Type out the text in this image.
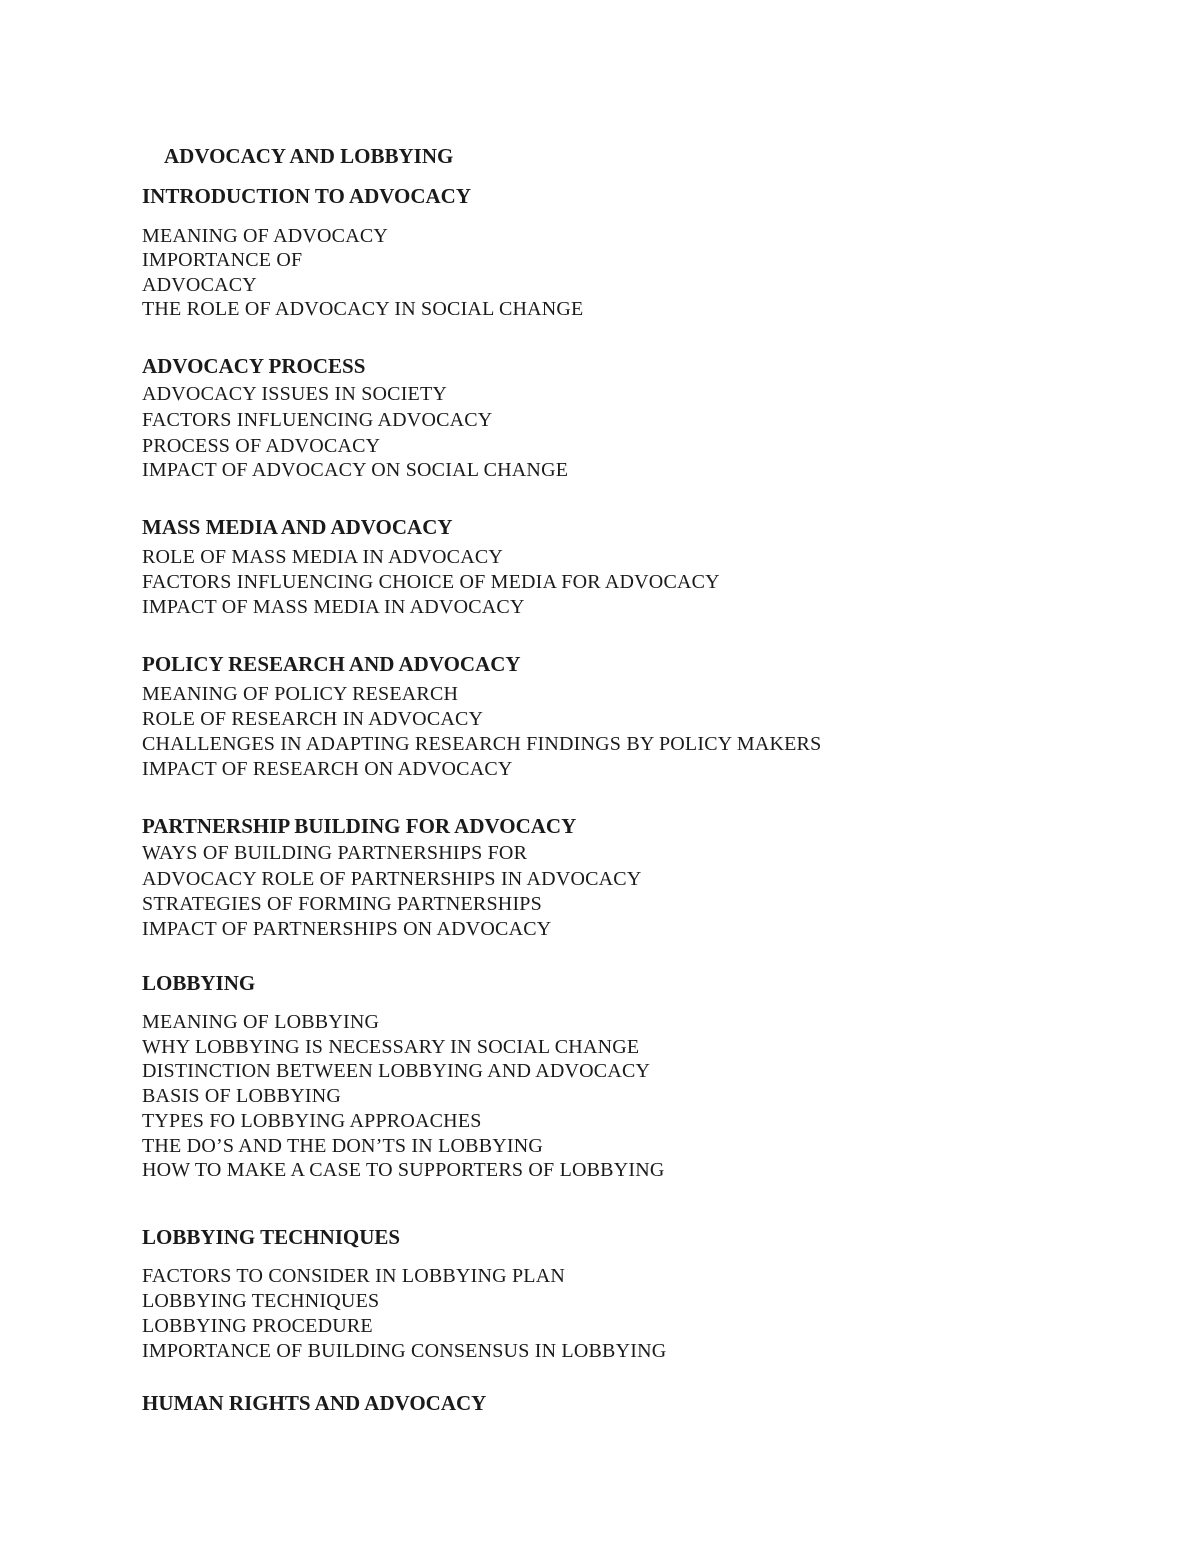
ADVOCACY AND LOBBYING
INTRODUCTION TO ADVOCACY
MEANING OF ADVOCACY
IMPORTANCE OF
ADVOCACY
THE ROLE OF ADVOCACY IN SOCIAL CHANGE
ADVOCACY PROCESS
ADVOCACY ISSUES IN SOCIETY
FACTORS INFLUENCING ADVOCACY
PROCESS OF ADVOCACY
IMPACT OF ADVOCACY ON SOCIAL CHANGE
MASS MEDIA AND ADVOCACY
ROLE OF MASS MEDIA IN ADVOCACY
FACTORS INFLUENCING CHOICE OF MEDIA FOR ADVOCACY
IMPACT OF MASS MEDIA IN ADVOCACY
POLICY RESEARCH AND ADVOCACY
MEANING OF POLICY RESEARCH
ROLE OF RESEARCH IN ADVOCACY
CHALLENGES IN ADAPTING RESEARCH FINDINGS BY POLICY MAKERS
IMPACT OF RESEARCH ON ADVOCACY
PARTNERSHIP BUILDING FOR ADVOCACY
WAYS OF BUILDING PARTNERSHIPS FOR
ADVOCACY ROLE OF PARTNERSHIPS IN ADVOCACY
STRATEGIES OF FORMING PARTNERSHIPS
IMPACT OF PARTNERSHIPS ON ADVOCACY
LOBBYING
MEANING OF LOBBYING
WHY LOBBYING IS NECESSARY IN SOCIAL CHANGE
DISTINCTION BETWEEN LOBBYING AND ADVOCACY
BASIS OF LOBBYING
TYPES FO LOBBYING APPROACHES
THE DO’S AND THE DON’TS IN LOBBYING
HOW TO MAKE A CASE TO SUPPORTERS OF LOBBYING
LOBBYING TECHNIQUES
FACTORS TO CONSIDER IN LOBBYING PLAN
LOBBYING TECHNIQUES
LOBBYING PROCEDURE
IMPORTANCE OF BUILDING CONSENSUS IN LOBBYING
HUMAN RIGHTS AND ADVOCACY
